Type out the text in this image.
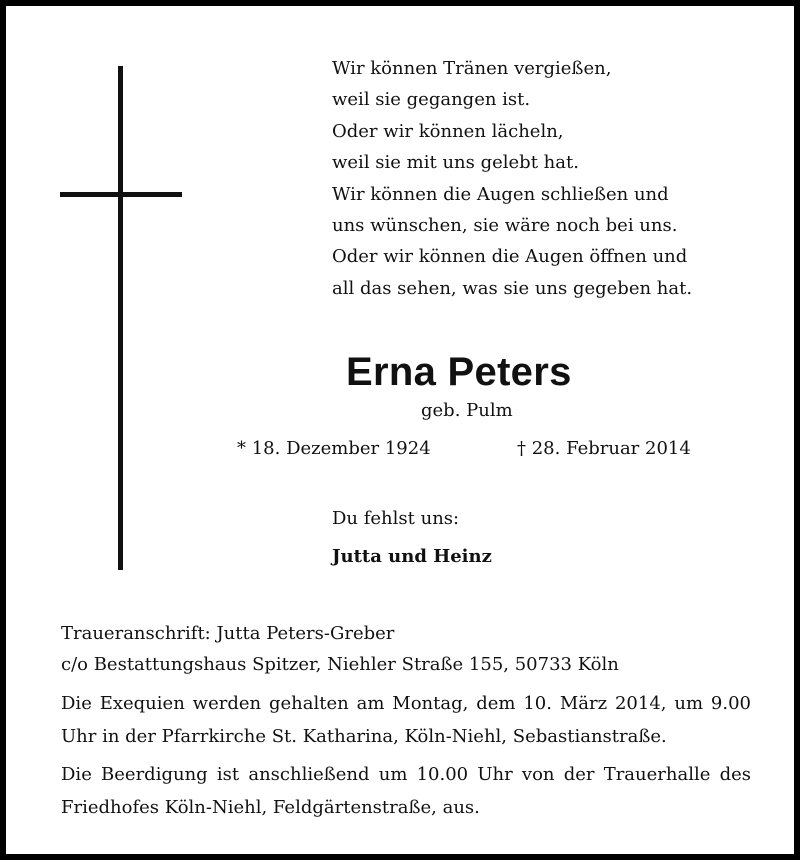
Wir können Tränen vergießen,
weil sie gegangen ist.
Oder wir können lächeln,
weil sie mit uns gelebt hat.
Wir können die Augen schließen und
uns wünschen, sie wäre noch bei uns.
Oder wir können die Augen öffnen und
all das sehen, was sie uns gegeben hat.
Erna Peters
geb. Pulm
* 18. Dezember 1924	† 28. Februar 2014
Du fehlst uns:
Jutta und Heinz
Traueranschrift: Jutta Peters-Greber
c/o Bestattungshaus Spitzer, Niehler Straße 155, 50733 Köln
Die Exequien werden gehalten am Montag, dem 10. März 2014, um 9.00 Uhr in der Pfarrkirche St. Katharina, Köln-Niehl, Sebastianstraße.
Die Beerdigung ist anschließend um 10.00 Uhr von der Trauerhalle des Friedhofes Köln-Niehl, Feldgärtenstraße, aus.
